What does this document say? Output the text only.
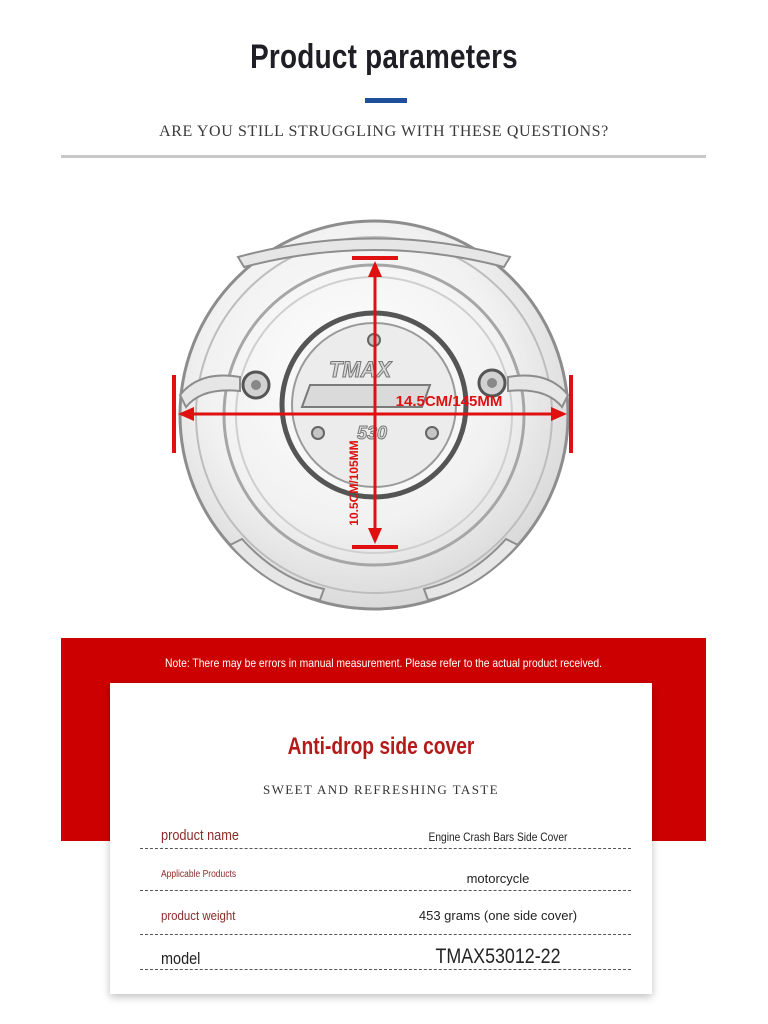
Product parameters
ARE YOU STILL STRUGGLING WITH THESE QUESTIONS?
TMAX
530
14.5CM/145MM
10.5CM/105MM
Note: There may be errors in manual measurement. Please refer to the actual product received.
Anti-drop side cover
SWEET AND REFRESHING TASTE
product name	Engine Crash Bars Side Cover
Applicable Products	motorcycle
product weight	453 grams (one side cover)
model	TMAX53012-22
